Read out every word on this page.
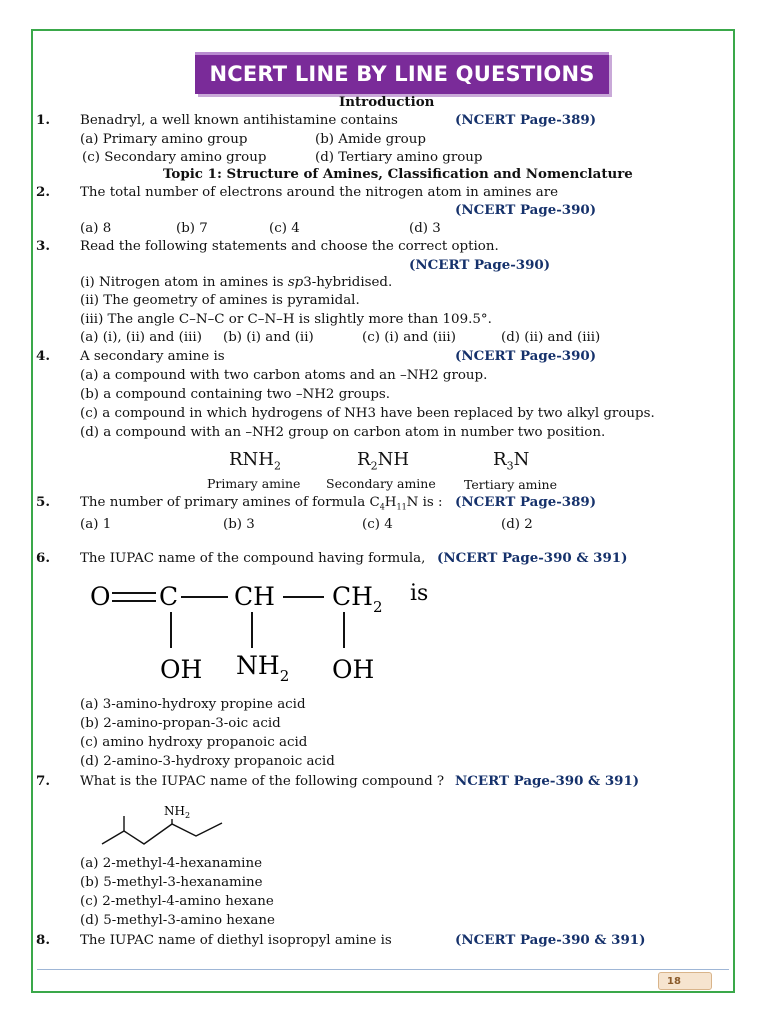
NCERT LINE BY LINE QUESTIONS
Introduction
1. Benadryl, a well known antihistamine contains	(NCERT Page-389)
(a) Primary amino group	(b) Amide group
(c) Secondary amino group	(d) Tertiary amino group
Topic 1: Structure of Amines, Classification and Nomenclature
2. The total number of electrons around the nitrogen atom in amines are
(NCERT Page-390)
(a) 8	(b) 7	(c) 4	(d) 3
3. Read the following statements and choose the correct option.
(NCERT Page-390)
(i) Nitrogen atom in amines is sp3-hybridised.
(ii) The geometry of amines is pyramidal.
(iii) The angle C–N–C or C–N–H is slightly more than 109.5°.
(a) (i), (ii) and (iii) (b) (i) and (ii)	(c) (i) and (iii)	(d) (ii) and (iii)
4. A secondary amine is	(NCERT Page-390)
(a) a compound with two carbon atoms and an –NH2 group.
(b) a compound containing two –NH2 groups.
(c) a compound in which hydrogens of NH3 have been replaced by two alkyl groups.
(d) a compound with an –NH2 group on carbon atom in number two position.
$RNH_2$
Primary amine
$R_2NH$
Secondary amine
$R_3N$
Tertiary amine
5. The number of primary amines of formula $C_4H_{11}N$ is : (NCERT Page-389)
(a) 1	(b) 3	(c) 4	(d) 2
6. The IUPAC name of the compound having formula, (NCERT Page-390 & 391)
O C CH $CH_2$
is
OH $NH_2$ OH
(a) 3-amino-hydroxy propine acid
(b) 2-amino-propan-3-oic acid
(c) amino hydroxy propanoic acid
(d) 2-amino-3-hydroxy propanoic acid
7. What is the IUPAC name of the following compound ? NCERT Page-390 & 391)
$NH_2$
(a) 2-methyl-4-hexanamine
(b) 5-methyl-3-hexanamine
(c) 2-methyl-4-amino hexane
(d) 5-methyl-3-amino hexane
8. The IUPAC name of diethyl isopropyl amine is	(NCERT Page-390 & 391)
18
